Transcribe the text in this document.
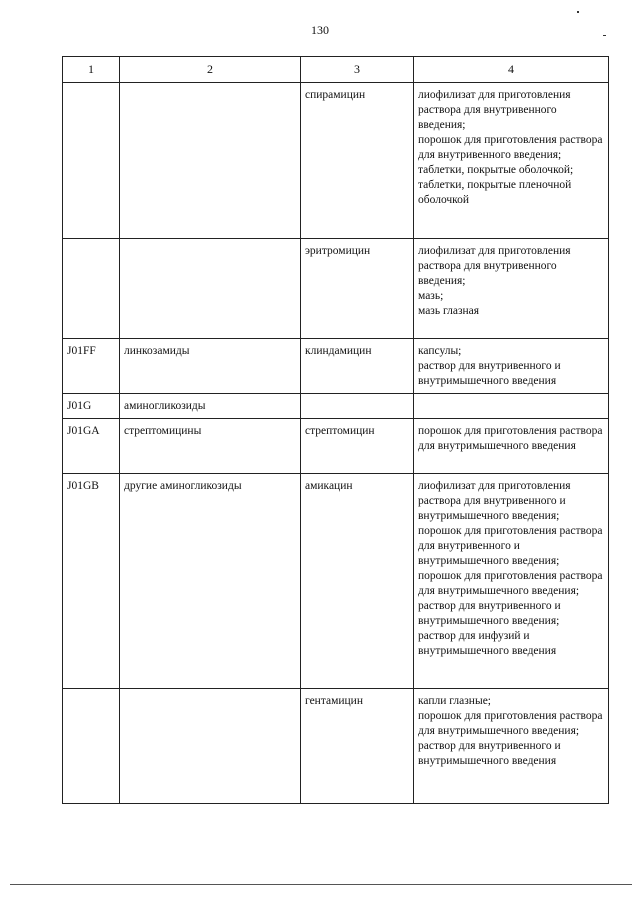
130
1	2	3	4
		спирамицин	лиофилизат для приготовления раствора для внутривенного введения;
порошок для приготовления раствора для внутривенного введения;
таблетки, покрытые оболочкой;
таблетки, покрытые пленочной оболочкой
		эритромицин	лиофилизат для приготовления раствора для внутривенного введения;
мазь;
мазь глазная
J01FF	линкозамиды	клиндамицин	капсулы;
раствор для внутривенного и внутримышечного введения
J01G	аминогликозиды		
J01GA	стрептомицины	стрептомицин	порошок для приготовления раствора для внутримышечного введения
J01GB	другие аминогликозиды	амикацин	лиофилизат для приготовления раствора для внутривенного и внутримышечного введения;
порошок для приготовления раствора для внутривенного и внутримышечного введения;
порошок для приготовления раствора для внутримышечного введения;
раствор для внутривенного и внутримышечного введения;
раствор для инфузий и внутримышечного введения
		гентамицин	капли глазные;
порошок для приготовления раствора для внутримышечного введения;
раствор для внутривенного и внутримышечного введения
